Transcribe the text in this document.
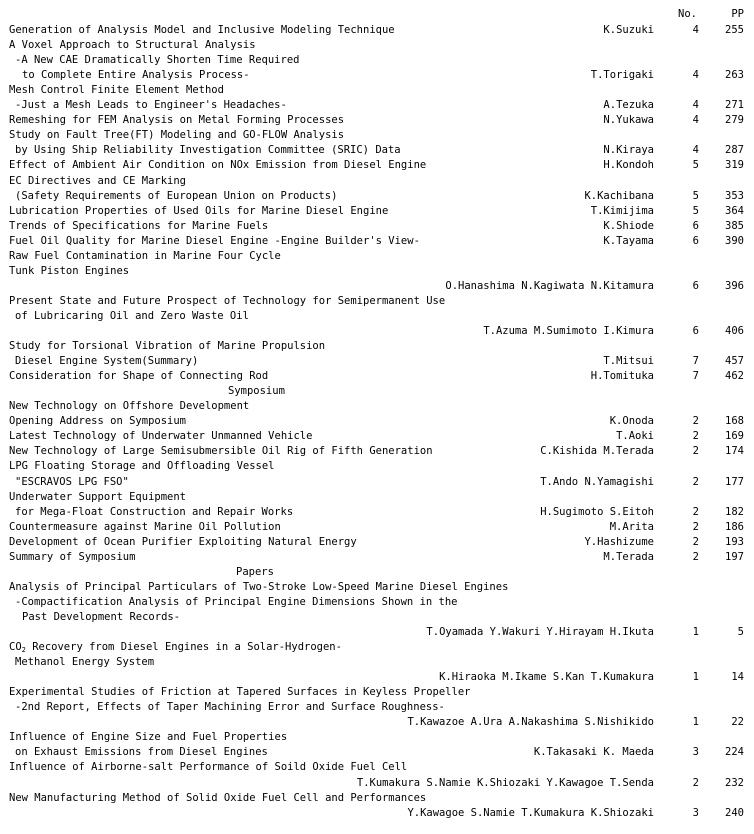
No.	PP
Generation of Analysis Model and Inclusive Modeling Technique	K.Suzuki	4	255
A Voxel Approach to Structural Analysis
-A New CAE Dramatically Shorten Time Required
to Complete Entire Analysis Process-	T.Torigaki	4	263
Mesh Control Finite Element Method
-Just a Mesh Leads to Engineer's Headaches-	A.Tezuka	4	271
Remeshing for FEM Analysis on Metal Forming Processes	N.Yukawa	4	279
Study on Fault Tree(FT) Modeling and GO-FLOW Analysis
by Using Ship Reliability Investigation Committee (SRIC) Data	N.Kiraya	4	287
Effect of Ambient Air Condition on NOx Emission from Diesel Engine	H.Kondoh	5	319
EC Directives and CE Marking
(Safety Requirements of European Union on Products)	K.Kachibana	5	353
Lubrication Properties of Used Oils for Marine Diesel Engine	T.Kimijima	5	364
Trends of Specifications for Marine Fuels	K.Shiode	6	385
Fuel Oil Quality for Marine Diesel Engine -Engine Builder's View-	K.Tayama	6	390
Raw Fuel Contamination in Marine Four Cycle
Tunk Piston Engines
O.Hanashima N.Kagiwata N.Kitamura	6	396
Present State and Future Prospect of Technology for Semipermanent Use
of Lubricaring Oil and Zero Waste Oil
T.Azuma M.Sumimoto I.Kimura	6	406
Study for Torsional Vibration of Marine Propulsion
Diesel Engine System(Summary)	T.Mitsui	7	457
Consideration for Shape of Connecting Rod	H.Tomituka	7	462
Symposium
New Technology on Offshore Development
Opening Address on Symposium	K.Onoda	2	168
Latest Technology of Underwater Unmanned Vehicle	T.Aoki	2	169
New Technology of Large Semisubmersible Oil Rig of Fifth Generation	C.Kishida M.Terada	2	174
LPG Floating Storage and Offloading Vessel
"ESCRAVOS LPG FSO"	T.Ando N.Yamagishi	2	177
Underwater Support Equipment
for Mega-Float Construction and Repair Works	H.Sugimoto S.Eitoh	2	182
Countermeasure against Marine Oil Pollution	M.Arita	2	186
Development of Ocean Purifier Exploiting Natural Energy	Y.Hashizume	2	193
Summary of Symposium	M.Terada	2	197
Papers
Analysis of Principal Particulars of Two-Stroke Low-Speed Marine Diesel Engines
-Compactification Analysis of Principal Engine Dimensions Shown in the
Past Development Records-
T.Oyamada Y.Wakuri Y.Hirayam H.Ikuta	1	5
$CO_2$ Recovery from Diesel Engines in a Solar-Hydrogen-
Methanol Energy System
K.Hiraoka M.Ikame S.Kan T.Kumakura	1	14
Experimental Studies of Friction at Tapered Surfaces in Keyless Propeller
-2nd Report, Effects of Taper Machining Error and Surface Roughness-
T.Kawazoe A.Ura A.Nakashima S.Nishikido	1	22
Influence of Engine Size and Fuel Properties
on Exhaust Emissions from Diesel Engines	K.Takasaki K. Maeda	3	224
Influence of Airborne-salt Performance of Soild Oxide Fuel Cell
T.Kumakura S.Namie K.Shiozaki Y.Kawagoe T.Senda	2	232
New Manufacturing Method of Solid Oxide Fuel Cell and Performances
Y.Kawagoe S.Namie T.Kumakura K.Shiozaki	3	240
